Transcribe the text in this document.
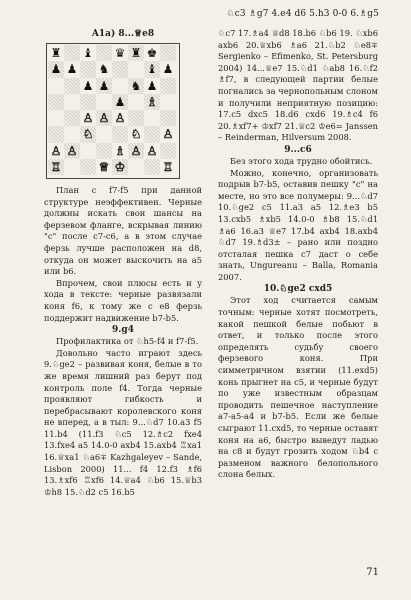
♘c3 ♗g7 4.e4 d6 5.h3 0-0 6.♗g5
A1a) 8...♕e8
♜ ♝ ♛ ♜ ♚
♟ ♟ ♞	♝ ♟
♟ ♟ ♞ ♟
♟ ♗
♙ ♙ ♙
♘	♘ ♙
♙ ♙	♗ ♙ ♙
♖	♕ ♔	♖

План с f7-f5 при данной структуре неэффективен. Черные должны искать свои шансы на ферзевом фланге, вскрывая линию "c" после c7-c6, а в этом случае ферзь лучше расположен на d8, откуда он может выскочить на a5 или b6.

Впрочем, свои плюсы есть и у хода в тексте: черные развязали коня f6, к тому же с e8 ферзь поддержит надвижение b7-b5.

9.g4

Профилактика от ♘h5-f4 и f7-f5.

Довольно часто играют здесь 9.♘ge2 – развивая коня, белые в то же время лишний раз берут под контроль поле f4. Тогда черные проявляют гибкость и перебрасывают королевского коня не вперед, а в тыл: 9...♘d7 10.a3 f5 11.b4 (11.f3 ♘c5 12.♗c2 fxe4 13.fxe4 a5 14.0-0 axb4 15.axb4 ♖xa1 16.♕xa1 ♘a6∓ Kazhgaleyev – Sande, Lisbon 2000) 11... f4 12.f3 ♗f6 13.♗xf6 ♖xf6 14.♕a4 ♘b6 15.♕b3 ♔h8 15.♘d2 c5 16.b5

♘c7 17.♗a4 ♕d8 18.b6 ♘b6 19. ♘xb6 axb6 20.♕xb6 ♗a6 21.♘b2 ♘e8∓ Sergienko – Efimenko, St. Petersburg 2004) 14...♕e7 15.♘d1 ♘ab8 16.♘f2 ♗f7, в следующей партии белые погнались за чернопольным слоном и получили неприятную позицию: 17.c5 dxc5 18.d6 cxd6 19.♗c4 f6 20.♗xf7+ ♔xf7 21.♕c2 ♔e6= Janssen – Reinderman, Hilversum 2008.

9...c6

Без этого хода трудно обойтись.

Можно, конечно, организовать подрыв b7-b5, оставив пешку "c" на месте, но это все полумеры: 9...♘d7 10.♘ge2 c5 11.a3 a5 12.♗e3 b5 13.cxb5 ♗xb5 14.0-0 ♗b8 15.♘d1 ♗a6 16.a3 ♕e7 17.b4 axb4 18.axb4 ♘d7 19.♗d3± – рано или поздно отсталая пешка c7 даст о себе знать, Ungureanu – Balla, Romania 2007.

10.♘ge2 cxd5

Этот ход считается самым точным: черные хотят посмотреть, какой пешкой белые побьют в ответ, и только после этого определять судьбу своего ферзевого коня. При симметричном взятии (11.exd5) конь прыгнет на c5, и черные будут по уже известным образцам проводить пешечное наступление a7-a5-a4 и b7-b5. Если же белые сыграют 11.cxd5, то черные оставят коня на a6, быстро выведут ладью на c8 и будут грозить ходом ♘b4 с разменом важного белопольного слона белых.

71
